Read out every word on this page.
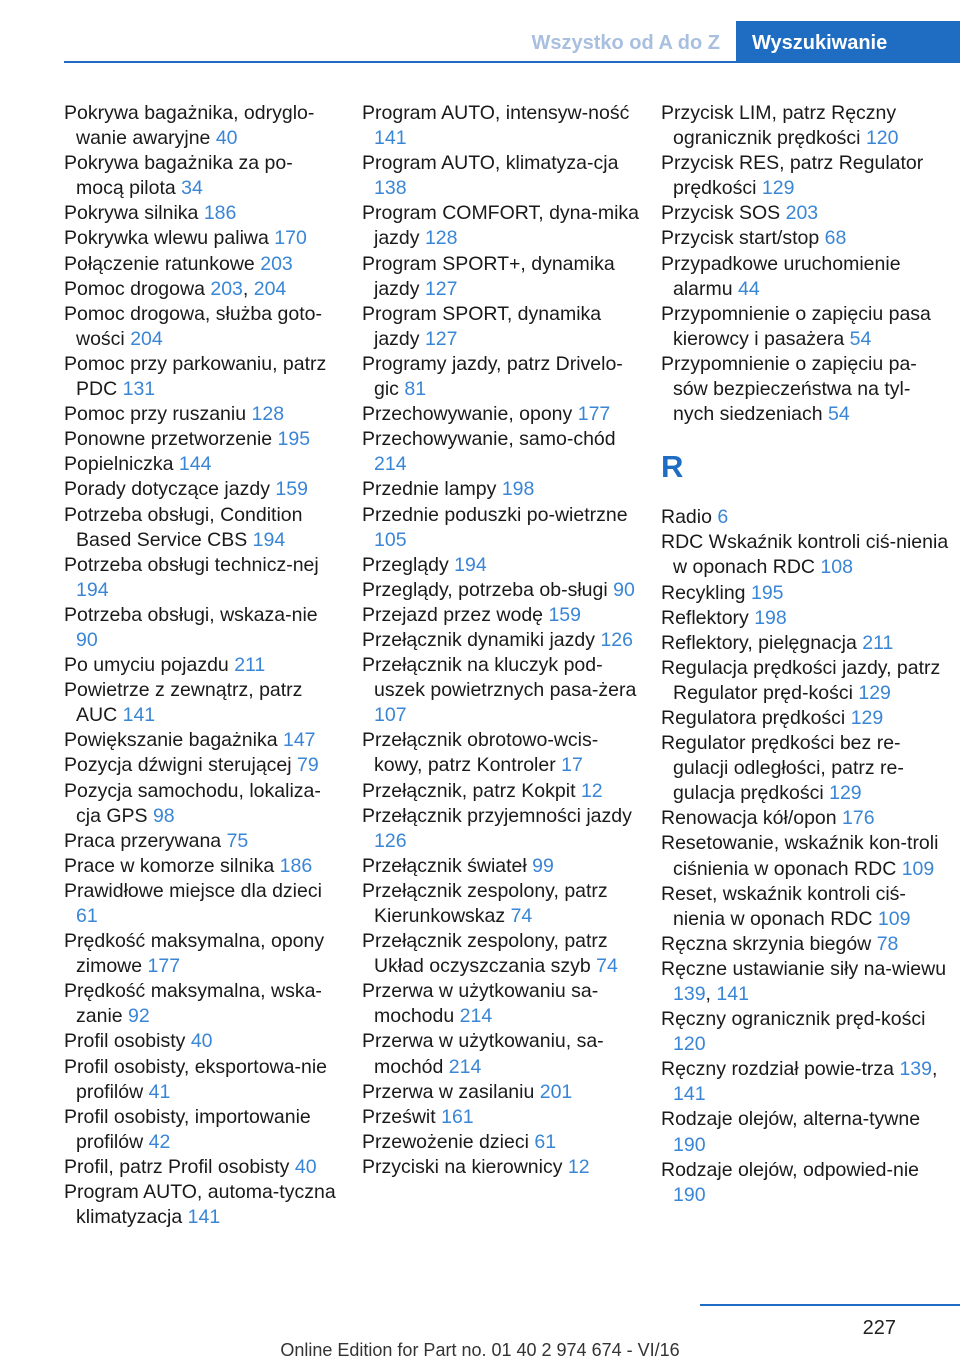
Wszystko od A do Z	Wyszukiwanie
Pokrywa bagażnika, odryglo-wanie awaryjne 40
Pokrywa bagażnika za po-mocą pilota 34
Pokrywa silnika 186
Pokrywka wlewu paliwa 170
Połączenie ratunkowe 203
Pomoc drogowa 203, 204
Pomoc drogowa, służba goto-wości 204
Pomoc przy parkowaniu, patrz PDC 131
Pomoc przy ruszaniu 128
Ponowne przetworzenie 195
Popielniczka 144
Porady dotyczące jazdy 159
Potrzeba obsługi, Condition Based Service CBS 194
Potrzeba obsługi technicz-nej 194
Potrzeba obsługi, wskaza-nie 90
Po umyciu pojazdu 211
Powietrze z zewnątrz, patrz AUC 141
Powiększanie bagażnika 147
Pozycja dźwigni sterującej 79
Pozycja samochodu, lokaliza-cja GPS 98
Praca przerywana 75
Prace w komorze silnika 186
Prawidłowe miejsce dla dzieci 61
Prędkość maksymalna, opony zimowe 177
Prędkość maksymalna, wska-zanie 92
Profil osobisty 40
Profil osobisty, eksportowa-nie profilów 41
Profil osobisty, importowanie profilów 42
Profil, patrz Profil osobisty 40
Program AUTO, automa-tyczna klimatyzacja 141
Program AUTO, intensyw-ność 141
Program AUTO, klimatyza-cja 138
Program COMFORT, dyna-mika jazdy 128
Program SPORT+, dynamika jazdy 127
Program SPORT, dynamika jazdy 127
Programy jazdy, patrz Drivelo-gic 81
Przechowywanie, opony 177
Przechowywanie, samo-chód 214
Przednie lampy 198
Przednie poduszki po-wietrzne 105
Przeglądy 194
Przeglądy, potrzeba ob-sługi 90
Przejazd przez wodę 159
Przełącznik dynamiki jazdy 126
Przełącznik na kluczyk pod-uszek powietrznych pasa-żera 107
Przełącznik obrotowo-wcis-kowy, patrz Kontroler 17
Przełącznik, patrz Kokpit 12
Przełącznik przyjemności jazdy 126
Przełącznik świateł 99
Przełącznik zespolony, patrz Kierunkowskaz 74
Przełącznik zespolony, patrz Układ oczyszczania szyb 74
Przerwa w użytkowaniu sa-mochodu 214
Przerwa w użytkowaniu, sa-mochód 214
Przerwa w zasilaniu 201
Prześwit 161
Przewożenie dzieci 61
Przyciski na kierownicy 12
Przycisk LIM, patrz Ręczny ogranicznik prędkości 120
Przycisk RES, patrz Regulator prędkości 129
Przycisk SOS 203
Przycisk start/stop 68
Przypadkowe uruchomienie alarmu 44
Przypomnienie o zapięciu pasa kierowcy i pasażera 54
Przypomnienie o zapięciu pa-sów bezpieczeństwa na tyl-nych siedzeniach 54
R
Radio 6
RDC Wskaźnik kontroli ciś-nienia w oponach RDC 108
Recykling 195
Reflektory 198
Reflektory, pielęgnacja 211
Regulacja prędkości jazdy, patrz Regulator pręd-kości 129
Regulatora prędkości 129
Regulator prędkości bez re-gulacji odległości, patrz re-gulacja prędkości 129
Renowacja kół/opon 176
Resetowanie, wskaźnik kon-troli ciśnienia w oponach RDC 109
Reset, wskaźnik kontroli ciś-nienia w oponach RDC 109
Ręczna skrzynia biegów 78
Ręczne ustawianie siły na-wiewu 139, 141
Ręczny ogranicznik pręd-kości 120
Ręczny rozdział powie-trza 139, 141
Rodzaje olejów, alterna-tywne 190
Rodzaje olejów, odpowied-nie 190
227
Online Edition for Part no. 01 40 2 974 674 - VI/16
